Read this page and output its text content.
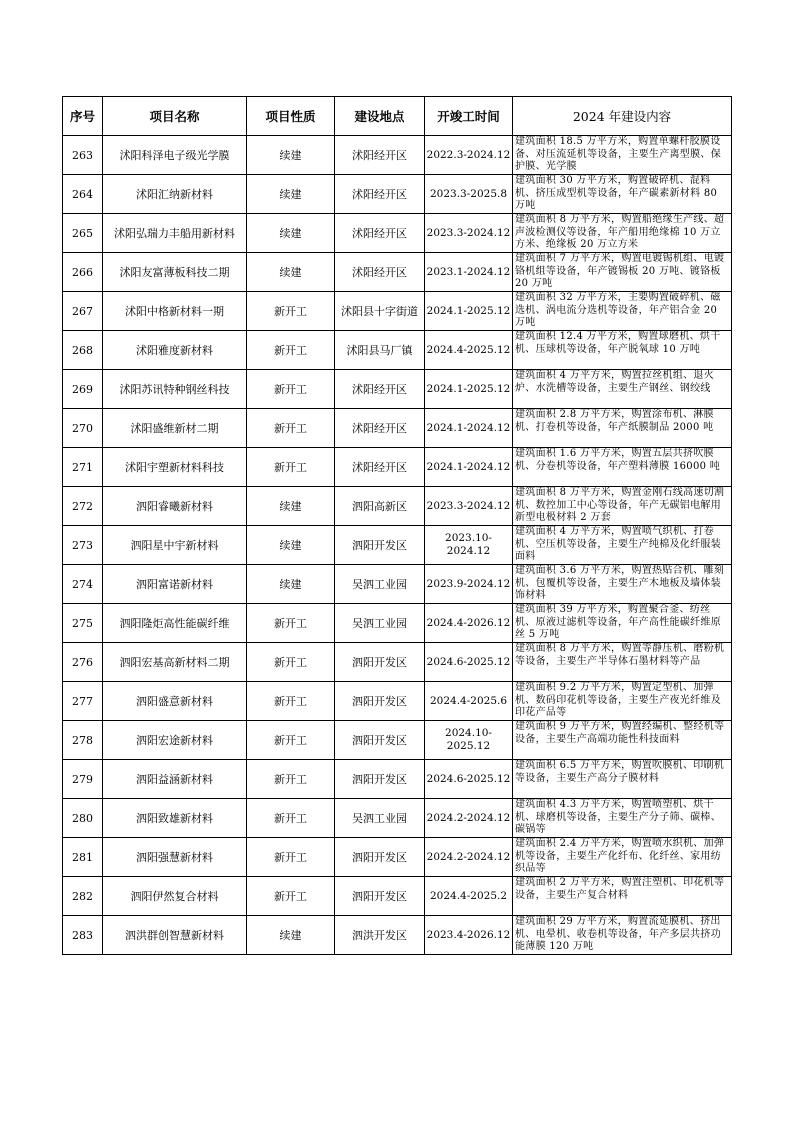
序号	项目名称	项目性质	建设地点	开竣工时间	2024 年建设内容
263	沭阳科泽电子级光学膜	续建	沭阳经开区	2022.3-2024.12	建筑面积 18.5 万平方米，购置单螺杆胶膜设备、对压流延机等设备，主要生产离型膜、保护膜、光学膜
264	沭阳汇纳新材料	续建	沭阳经开区	2023.3-2025.8	建筑面积 30 万平方米，购置破碎机、混料机、挤压成型机等设备，年产碳素新材料 80 万吨
265	沭阳弘瑞力丰船用新材料	续建	沭阳经开区	2023.3-2024.12	建筑面积 8 万平方米，购置船绝缘生产线、超声波检测仪等设备，年产船用绝缘棉 10 万立方米、绝缘板 20 万立方米
266	沭阳友富薄板科技二期	续建	沭阳经开区	2023.1-2024.12	建筑面积 7 万平方米，购置电镀锡机组、电镀铬机组等设备，年产镀锡板 20 万吨、镀铬板 20 万吨
267	沭阳中格新材料一期	新开工	沭阳县十字街道	2024.1-2025.12	建筑面积 32 万平方米，主要购置破碎机、磁选机、涡电流分选机等设备，年产铝合金 20 万吨
268	沭阳雅度新材料	新开工	沭阳县马厂镇	2024.4-2025.12	建筑面积 12.4 万平方米，购置球磨机、烘干机、压球机等设备，年产脱氧球 10 万吨
269	沭阳苏讯特种钢丝科技	新开工	沭阳经开区	2024.1-2025.12	建筑面积 4 万平方米，购置拉丝机组、退火炉、水洗槽等设备，主要生产钢丝、钢绞线
270	沭阳盛维新材二期	新开工	沭阳经开区	2024.1-2024.12	建筑面积 2.8 万平方米，购置涂布机、淋膜机、打卷机等设备，年产纸膜制品 2000 吨
271	沭阳宇塑新材料科技	新开工	沭阳经开区	2024.1-2024.12	建筑面积 1.6 万平方米，购置五层共挤吹膜机、分卷机等设备，年产塑料薄膜 16000 吨
272	泗阳睿曦新材料	续建	泗阳高新区	2023.3-2024.12	建筑面积 8 万平方米，购置金刚石线高速切割机、数控加工中心等设备，年产无碳铝电解用新型电极材料 2 万套
273	泗阳星中宇新材料	续建	泗阳开发区	2023.10-2024.12	建筑面积 4 万平方米，购置喷气织机、打卷机、空压机等设备，主要生产纯棉及化纤服装面料
274	泗阳富诺新材料	续建	吴泗工业园	2023.9-2024.12	建筑面积 3.6 万平方米，购置热贴合机、雕刻机、包覆机等设备，主要生产木地板及墙体装饰材料
275	泗阳隆炬高性能碳纤维	新开工	吴泗工业园	2024.4-2026.12	建筑面积 39 万平方米，购置聚合釜、纺丝机、原液过滤机等设备，年产高性能碳纤维原丝 5 万吨
276	泗阳宏基高新材料二期	新开工	泗阳开发区	2024.6-2025.12	建筑面积 8 万平方米，购置等静压机、磨粉机等设备，主要生产半导体石墨材料等产品
277	泗阳盛意新材料	新开工	泗阳开发区	2024.4-2025.6	建筑面积 9.2 万平方米，购置定型机、加弹机、数码印花机等设备，主要生产夜光纤维及印花产品等
278	泗阳宏途新材料	新开工	泗阳开发区	2024.10-2025.12	建筑面积 9 万平方米，购置经编机、整经机等设备，主要生产高端功能性科技面料
279	泗阳益涵新材料	新开工	泗阳开发区	2024.6-2025.12	建筑面积 6.5 万平方米，购置吹膜机、印刷机等设备，主要生产高分子膜材料
280	泗阳致雄新材料	新开工	吴泗工业园	2024.2-2024.12	建筑面积 4.3 万平方米，购置喷塑机、烘干机、球磨机等设备，主要生产分子筛、碳棒、碳锅等
281	泗阳强慧新材料	新开工	泗阳开发区	2024.2-2024.12	建筑面积 2.4 万平方米，购置喷水织机、加弹机等设备，主要生产化纤布、化纤丝、家用纺织品等
282	泗阳伊然复合材料	新开工	泗阳开发区	2024.4-2025.2	建筑面积 2 万平方米，购置注塑机、印花机等设备，主要生产复合材料
283	泗洪群创智慧新材料	续建	泗洪开发区	2023.4-2026.12	建筑面积 29 万平方米，购置流延膜机、挤出机、电晕机、收卷机等设备，年产多层共挤功能薄膜 120 万吨
